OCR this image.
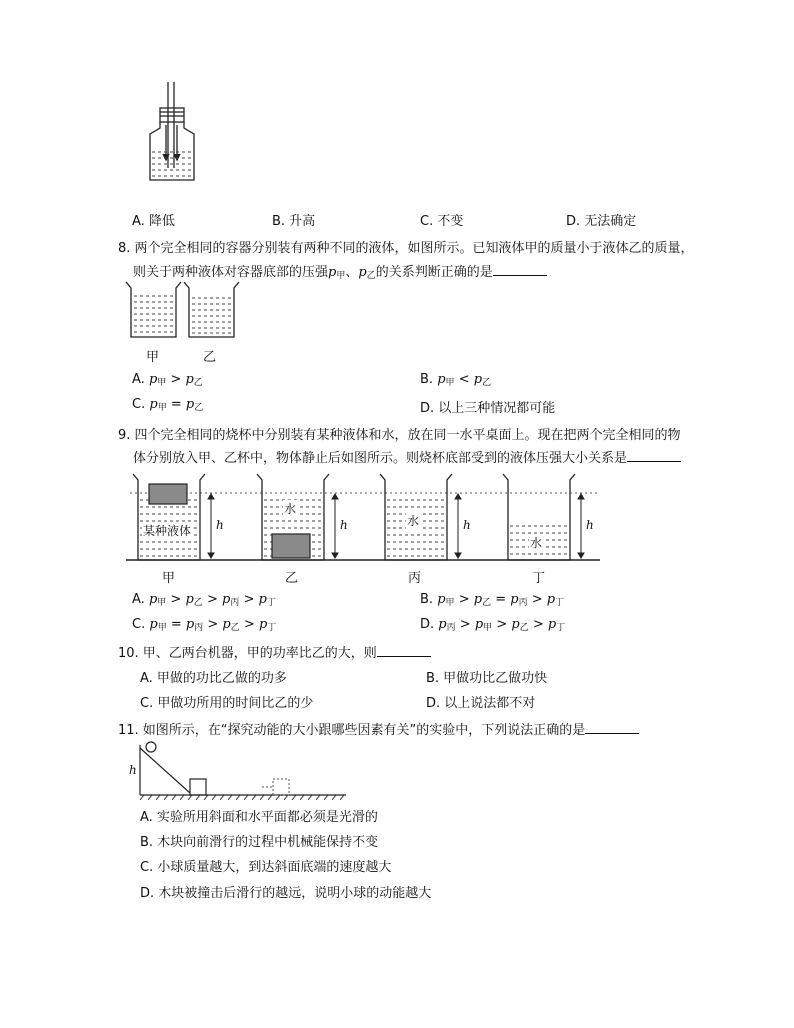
A. 降低	B. 升高	C. 不变	D. 无法确定
8. 两个完全相同的容器分别装有两种不同的液体，如图所示。已知液体甲的质量小于液体乙的质量，
则关于两种液体对容器底部的压强$p_甲$、$p_乙$的关系判断正确的是
甲	乙
A. $p_甲 > p_乙$	B. $p_甲 < p_乙$
C. $p_甲 = p_乙$	D. 以上三种情况都可能
9. 四个完全相同的烧杯中分别装有某种液体和水，放在同一水平桌面上。现在把两个完全相同的物
体分别放入甲、乙杯中，物体静止后如图所示。则烧杯底部受到的液体压强大小关系是
某种液体
水
水
水
h	h	h	h
甲	乙	丙	丁
A. $p_甲 > p_乙 > p_丙 > p_丁$	B. $p_甲 > p_乙 = p_丙 > p_丁$
C. $p_甲 = p_丙 > p_乙 > p_丁$	D. $p_丙 > p_甲 > p_乙 > p_丁$
10. 甲、乙两台机器，甲的功率比乙的大，则
A. 甲做的功比乙做的功多	B. 甲做功比乙做功快
C. 甲做功所用的时间比乙的少	D. 以上说法都不对
11. 如图所示，在“探究动能的大小跟哪些因素有关”的实验中，下列说法正确的是
h
A. 实验所用斜面和水平面都必须是光滑的
B. 木块向前滑行的过程中机械能保持不变
C. 小球质量越大，到达斜面底端的速度越大
D. 木块被撞击后滑行的越远，说明小球的动能越大
